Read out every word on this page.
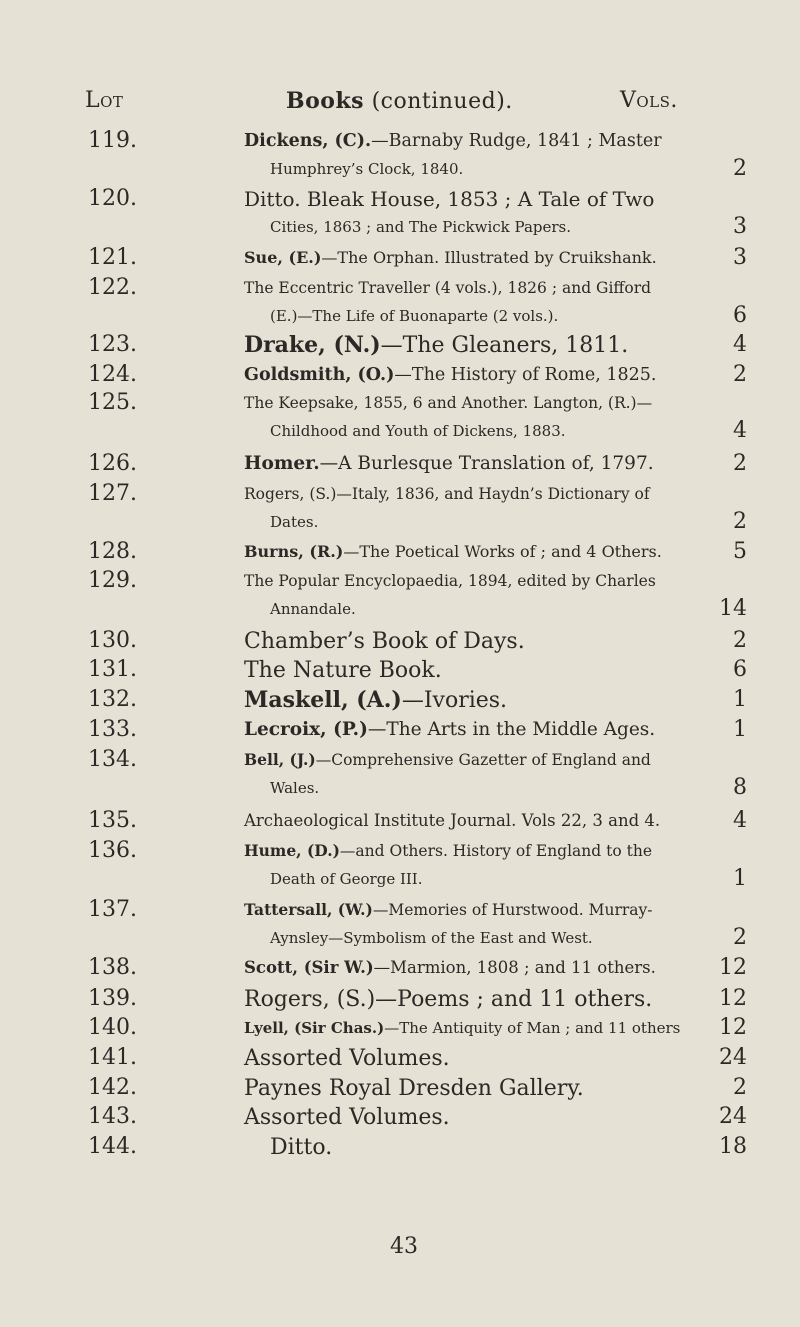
Lot	Books (continued).	Vols.
119.	Dickens, (C).—Barnaby Rudge, 1841 ; Master
Humphrey’s Clock, 1840.	2
120.	Ditto. Bleak House, 1853 ; A Tale of Two
Cities, 1863 ; and The Pickwick Papers.	3
121.	Sue, (E.)—The Orphan. Illustrated by Cruikshank.	3
122.	The Eccentric Traveller (4 vols.), 1826 ; and Gifford
(E.)—The Life of Buonaparte (2 vols.).	6
123.	Drake, (N.)—The Gleaners, 1811.	4
124.	Goldsmith, (O.)—The History of Rome, 1825.	2
125.	The Keepsake, 1855, 6 and Another. Langton, (R.)—
Childhood and Youth of Dickens, 1883.	4
126.	Homer.—A Burlesque Translation of, 1797.	2
127.	Rogers, (S.)—Italy, 1836, and Haydn’s Dictionary of
Dates.	2
128.	Burns, (R.)—The Poetical Works of ; and 4 Others.	5
129.	The Popular Encyclopaedia, 1894, edited by Charles
Annandale.	14
130.	Chamber’s Book of Days.	2
131.	The Nature Book.	6
132.	Maskell, (A.)—Ivories.	1
133.	Lecroix, (P.)—The Arts in the Middle Ages.	1
134.	Bell, (J.)—Comprehensive Gazetter of England and
Wales.	8
135.	Archaeological Institute Journal. Vols 22, 3 and 4.	4
136.	Hume, (D.)—and Others. History of England to the
Death of George III.	1
137.	Tattersall, (W.)—Memories of Hurstwood. Murray-
Aynsley—Symbolism of the East and West.	2
138.	Scott, (Sir W.)—Marmion, 1808 ; and 11 others.	12
139.	Rogers, (S.)—Poems ; and 11 others.	12
140.	Lyell, (Sir Chas.)—The Antiquity of Man ; and 11 others 12
141.	Assorted Volumes.	24
142.	Paynes Royal Dresden Gallery.	2
143.	Assorted Volumes.	24
144.	Ditto.	18
43
